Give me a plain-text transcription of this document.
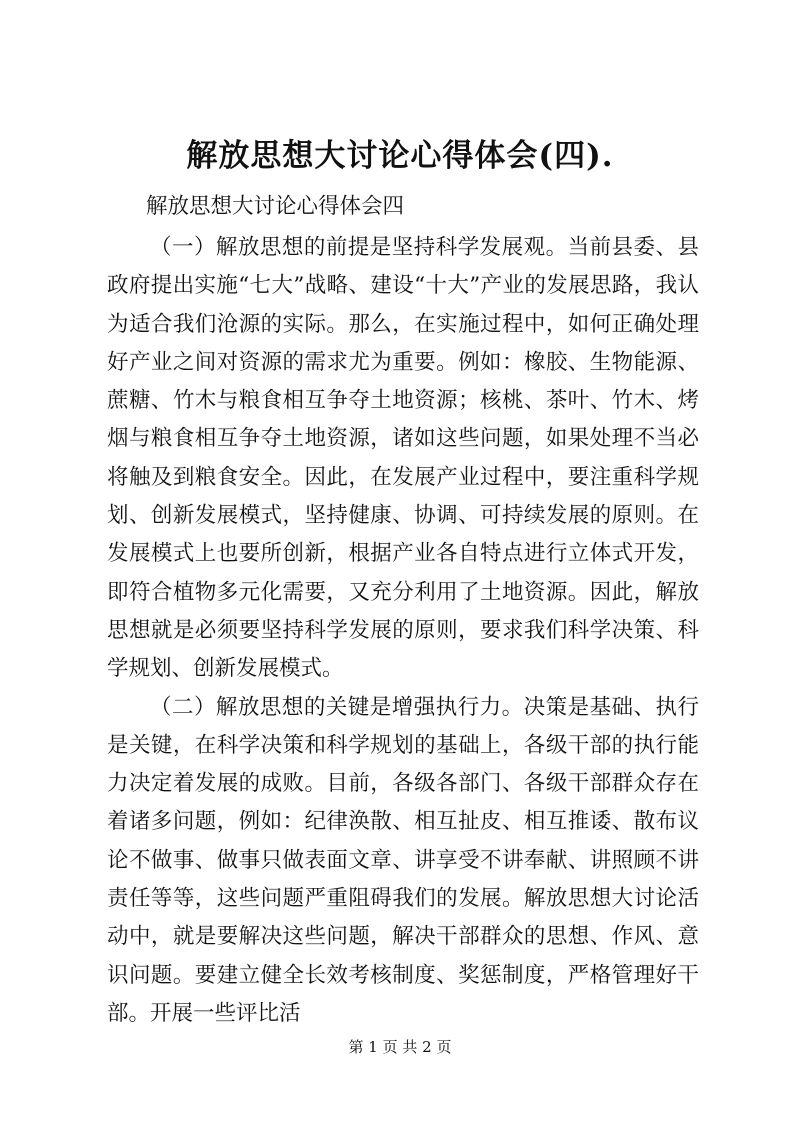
解放思想大讨论心得体会(四).

解放思想大讨论心得体会四

（一）解放思想的前提是坚持科学发展观。当前县委、县政府提出实施“七大”战略、建设“十大”产业的发展思路，我认为适合我们沧源的实际。那么，在实施过程中，如何正确处理好产业之间对资源的需求尤为重要。例如：橡胶、生物能源、蔗糖、竹木与粮食相互争夺土地资源；核桃、茶叶、竹木、烤烟与粮食相互争夺土地资源，诸如这些问题，如果处理不当必将触及到粮食安全。因此，在发展产业过程中，要注重科学规划、创新发展模式，坚持健康、协调、可持续发展的原则。在发展模式上也要所创新，根据产业各自特点进行立体式开发，即符合植物多元化需要，又充分利用了土地资源。因此，解放思想就是必须要坚持科学发展的原则，要求我们科学决策、科学规划、创新发展模式。

（二）解放思想的关键是增强执行力。决策是基础、执行是关键，在科学决策和科学规划的基础上，各级干部的执行能力决定着发展的成败。目前，各级各部门、各级干部群众存在着诸多问题，例如：纪律涣散、相互扯皮、相互推诿、散布议论不做事、做事只做表面文章、讲享受不讲奉献、讲照顾不讲责任等等，这些问题严重阻碍我们的发展。解放思想大讨论活动中，就是要解决这些问题，解决干部群众的思想、作风、意识问题。要建立健全长效考核制度、奖惩制度，严格管理好干部。开展一些评比活

第 1 页 共 2 页
